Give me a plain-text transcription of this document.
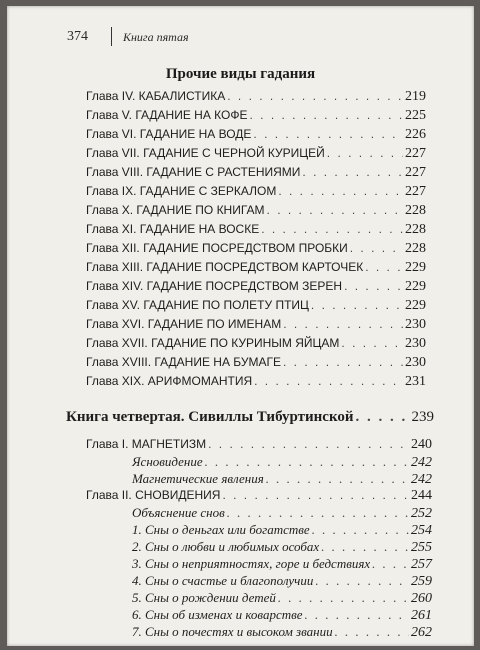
374	Книга пятая
Прочие виды гадания
Глава IV. КАБАЛИСТИКА . . .	219
Глава V. ГАДАНИЕ НА КОФЕ . . .	225
Глава VI. ГАДАНИЕ НА ВОДЕ . . .	226
Глава VII. ГАДАНИЕ С ЧЕРНОЙ КУРИЦЕЙ . . .	227
Глава VIII. ГАДАНИЕ С РАСТЕНИЯМИ . . .	227
Глава IX. ГАДАНИЕ С ЗЕРКАЛОМ . . .	227
Глава X. ГАДАНИЕ ПО КНИГАМ . . .	228
Глава XI. ГАДАНИЕ НА ВОСКЕ . . .	228
Глава XII. ГАДАНИЕ ПОСРЕДСТВОМ ПРОБКИ . . .	228
Глава XIII. ГАДАНИЕ ПОСРЕДСТВОМ КАРТОЧЕК . . .	229
Глава XIV. ГАДАНИЕ ПОСРЕДСТВОМ ЗЕРЕН . . .	229
Глава XV. ГАДАНИЕ ПО ПОЛЕТУ ПТИЦ . . .	229
Глава XVI. ГАДАНИЕ ПО ИМЕНАМ . . .	230
Глава XVII. ГАДАНИЕ ПО КУРИНЫМ ЯЙЦАМ . . .	230
Глава XVIII. ГАДАНИЕ НА БУМАГЕ . . .	230
Глава XIX. АРИФМОМАНТИЯ . . .	231
Книга четвертая. Сивиллы Тибуртинской . . .	239
Глава I. МАГНЕТИЗМ . . .	240
Ясновидение . . .	242
Магнетические явления . . .	242
Глава II. СНОВИДЕНИЯ . . .	244
Объяснение снов . . .	252
1. Сны о деньгах или богатстве . . .	254
2. Сны о любви и любимых особах . . .	255
3. Сны о неприятностях, горе и бедствиях . . .	257
4. Сны о счастье и благополучии . . .	259
5. Сны о рождении детей . . .	260
6. Сны об изменах и коварстве . . .	261
7. Сны о почестях и высоком звании . . .	262
